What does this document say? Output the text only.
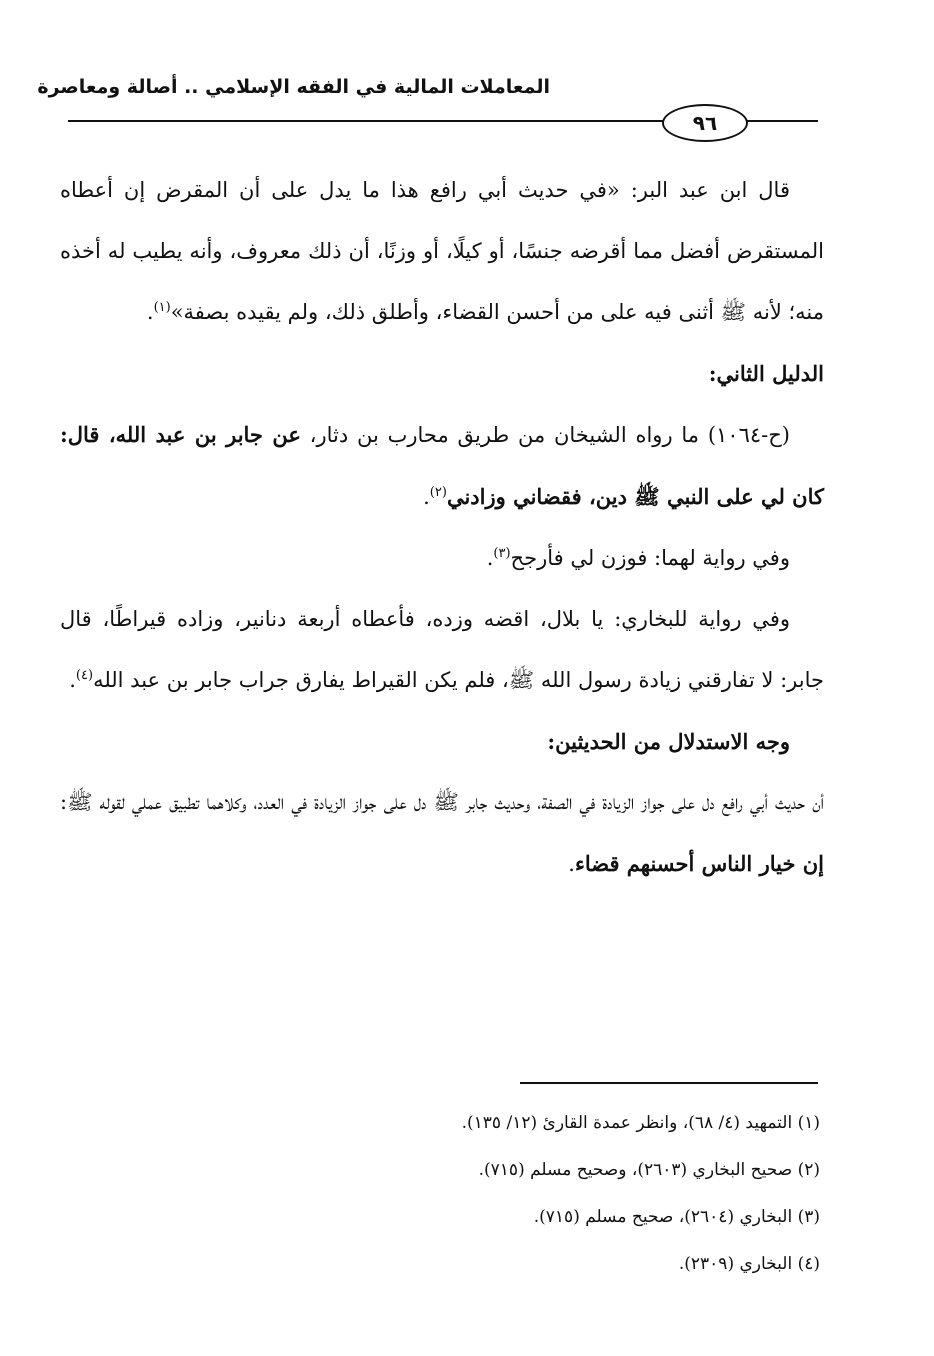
المعاملات المالية في الفقه الإسلامي .. أصالة ومعاصرة
٩٦

قال ابن عبد البر: «في حديث أبي رافع هذا ما يدل على أن المقرض إن أعطاه المستقرض أفضل مما أقرضه جنسًا، أو كيلًا، أو وزنًا، أن ذلك معروف، وأنه يطيب له أخذه منه؛ لأنه ﷺ أثنى فيه على من أحسن القضاء، وأطلق ذلك، ولم يقيده بصفة»$^{(١)}$.

الدليل الثاني:

(ح-١٠٦٤) ما رواه الشيخان من طريق محارب بن دثار، عن جابر بن عبد الله، قال: كان لي على النبي ﷺ دين، فقضاني وزادني$^{(٢)}$.

وفي رواية لهما: فوزن لي فأرجح$^{(٣)}$.

وفي رواية للبخاري: يا بلال، اقضه وزده، فأعطاه أربعة دنانير، وزاده قيراطًا، قال جابر: لا تفارقني زيادة رسول الله ﷺ، فلم يكن القيراط يفارق جراب جابر بن عبد الله$^{(٤)}$.

وجه الاستدلال من الحديثين:

أن حديث أبي رافع دل على جواز الزيادة في الصفة، وحديث جابر ﷺ دل على جواز الزيادة في العدد، وكلاهما تطبيق عملي لقوله ﷺ: إن خيار الناس أحسنهم قضاء.

(١) التمهيد (٤/ ٦٨)، وانظر عمدة القارئ (١٢/ ١٣٥).

(٢) صحيح البخاري (٢٦٠٣)، وصحيح مسلم (٧١٥).

(٣) البخاري (٢٦٠٤)، صحيح مسلم (٧١٥).

(٤) البخاري (٢٣٠٩).
